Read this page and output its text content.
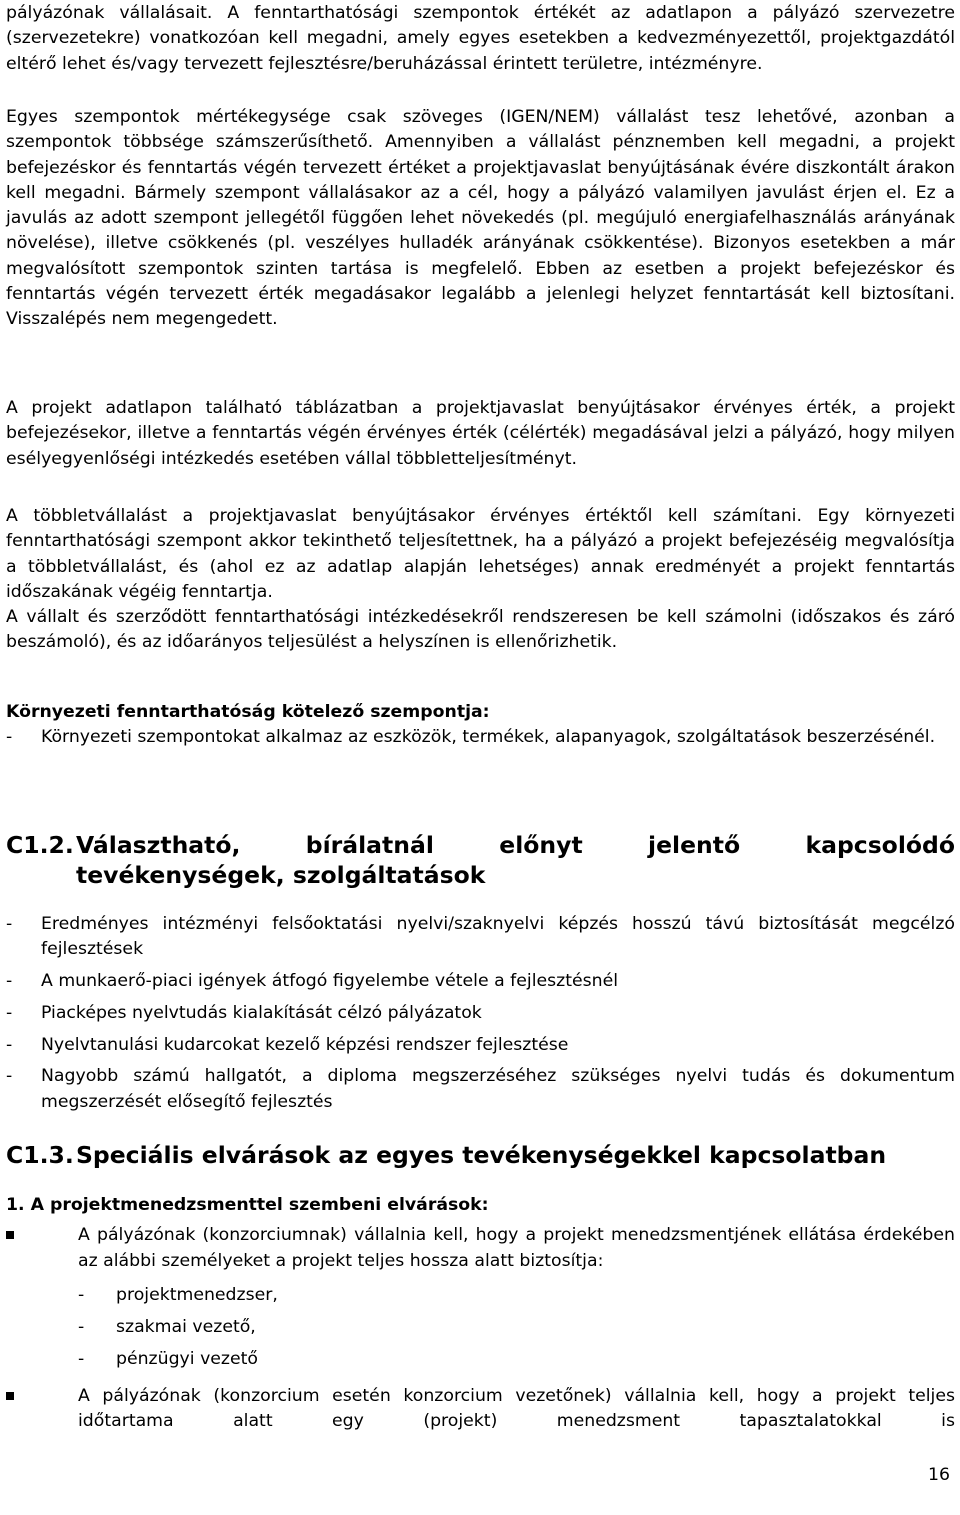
pályázónak vállalásait. A fenntarthatósági szempontok értékét az adatlapon a pályázó szervezetre (szervezetekre) vonatkozóan kell megadni, amely egyes esetekben a kedvezményezettől, projektgazdától eltérő lehet és/vagy tervezett fejlesztésre/beruházással érintett területre, intézményre.

Egyes szempontok mértékegysége csak szöveges (IGEN/NEM) vállalást tesz lehetővé, azonban a szempontok többsége számszerűsíthető. Amennyiben a vállalást pénznemben kell megadni, a projekt befejezéskor és fenntartás végén tervezett értéket a projektjavaslat benyújtásának évére diszkontált árakon kell megadni. Bármely szempont vállalásakor az a cél, hogy a pályázó valamilyen javulást érjen el. Ez a javulás az adott szempont jellegétől függően lehet növekedés (pl. megújuló energiafelhasználás arányának növelése), illetve csökkenés (pl. veszélyes hulladék arányának csökkentése). Bizonyos esetekben a már megvalósított szempontok szinten tartása is megfelelő. Ebben az esetben a projekt befejezéskor és fenntartás végén tervezett érték megadásakor legalább a jelenlegi helyzet fenntartását kell biztosítani. Visszalépés nem megengedett.

A projekt adatlapon található táblázatban a projektjavaslat benyújtásakor érvényes érték, a projekt befejezésekor, illetve a fenntartás végén érvényes érték (célérték) megadásával jelzi a pályázó, hogy milyen esélyegyenlőségi intézkedés esetében vállal többletteljesítményt.

A többletvállalást a projektjavaslat benyújtásakor érvényes értéktől kell számítani. Egy környezeti fenntarthatósági szempont akkor tekinthető teljesítettnek, ha a pályázó a projekt befejezéséig megvalósítja a többletvállalást, és (ahol ez az adatlap alapján lehetséges) annak eredményét a projekt fenntartás időszakának végéig fenntartja.

A vállalt és szerződött fenntarthatósági intézkedésekről rendszeresen be kell számolni (időszakos és záró beszámoló), és az időarányos teljesülést a helyszínen is ellenőrizhetik.

Környezeti fenntarthatóság kötelező szempontja:

-	Környezeti szempontokat alkalmaz az eszközök, termékek, alapanyagok, szolgáltatások beszerzésénél.

C1.2. Választható, bírálatnál előnyt jelentő kapcsolódó
tevékenységek, szolgáltatások
-	Eredményes intézményi felsőoktatási nyelvi/szaknyelvi képzés hosszú távú biztosítását megcélzó fejlesztések

-	A munkaerő-piaci igények átfogó figyelembe vétele a fejlesztésnél

-	Piacképes nyelvtudás kialakítását célzó pályázatok

-	Nyelvtanulási kudarcokat kezelő képzési rendszer fejlesztése

-	Nagyobb számú hallgatót, a diploma megszerzéséhez szükséges nyelvi tudás és dokumentum megszerzését elősegítő fejlesztés

C1.3. Speciális elvárások az egyes tevékenységekkel kapcsolatban

1. A projektmenedzsmenttel szembeni elvárások:

A pályázónak (konzorciumnak) vállalnia kell, hogy a projekt menedzsmentjének ellátása érdekében az alábbi személyeket a projekt teljes hossza alatt biztosítja:

-	projektmenedzser,

-	szakmai vezető,

-	pénzügyi vezető

A pályázónak (konzorcium esetén konzorcium vezetőnek) vállalnia kell, hogy a projekt teljes időtartama alatt egy (projekt) menedzsment tapasztalatokkal is

16
